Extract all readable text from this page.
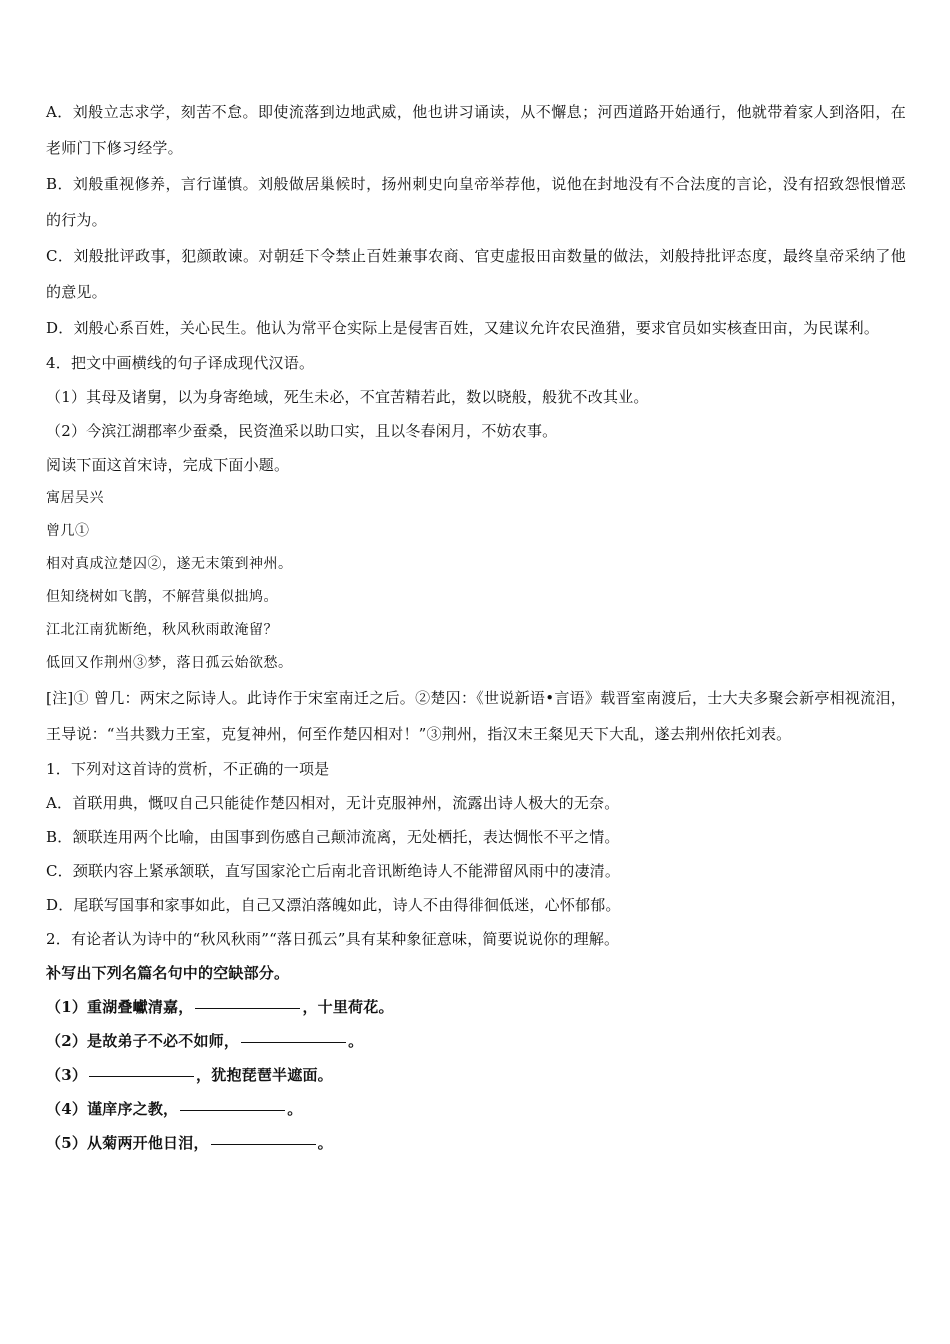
A．刘般立志求学，刻苦不怠。即使流落到边地武威，他也讲习诵读，从不懈息；河西道路开始通行，他就带着家人到洛阳，在老师门下修习经学。

B．刘般重视修养，言行谨慎。刘般做居巢候时，扬州刺史向皇帝举荐他，说他在封地没有不合法度的言论，没有招致怨恨憎恶的行为。

C．刘般批评政事，犯颜敢谏。对朝廷下令禁止百姓兼事农商、官吏虚报田亩数量的做法，刘般持批评态度，最终皇帝采纳了他的意见。

D．刘般心系百姓，关心民生。他认为常平仓实际上是侵害百姓，又建议允许农民渔猎，要求官员如实核查田亩，为民谋利。

4．把文中画横线的句子译成现代汉语。

（1）其母及诸舅，以为身寄绝域，死生未必，不宜苦精若此，数以晓般，般犹不改其业。

（2）今滨江湖郡率少蚕桑，民资渔采以助口实，且以冬春闲月，不妨农事。

阅读下面这首宋诗，完成下面小题。

寓居吴兴

曾几①

相对真成泣楚囚②，遂无末策到神州。

但知绕树如飞鹊，不解营巢似拙鸠。

江北江南犹断绝，秋风秋雨敢淹留？

低回又作荆州③梦，落日孤云始欲愁。

[注]① 曾几：两宋之际诗人。此诗作于宋室南迁之后。②楚囚：《世说新语•言语》载晋室南渡后，士大夫多聚会新亭相视流泪，王导说：“当共戮力王室，克复神州，何至作楚囚相对！”③荆州，指汉末王粲见天下大乱，遂去荆州依托刘表。

1．下列对这首诗的赏析，不正确的一项是

A．首联用典，慨叹自己只能徒作楚囚相对，无计克服神州，流露出诗人极大的无奈。

B．颔联连用两个比喻，由国事到伤感自己颠沛流离，无处栖托，表达惆怅不平之情。

C．颈联内容上紧承颔联，直写国家沦亡后南北音讯断绝诗人不能滞留风雨中的凄清。

D．尾联写国事和家事如此，自己又漂泊落魄如此，诗人不由得徘徊低迷，心怀郁郁。

2．有论者认为诗中的“秋风秋雨”“落日孤云”具有某种象征意味，简要说说你的理解。

补写出下列名篇名句中的空缺部分。

（1）重湖叠巘清嘉，	，十里荷花。

（2）是故弟子不必不如师，	。

（3）	，犹抱琵琶半遮面。

（4）谨庠序之教，	。

（5）从菊两开他日泪，	。
